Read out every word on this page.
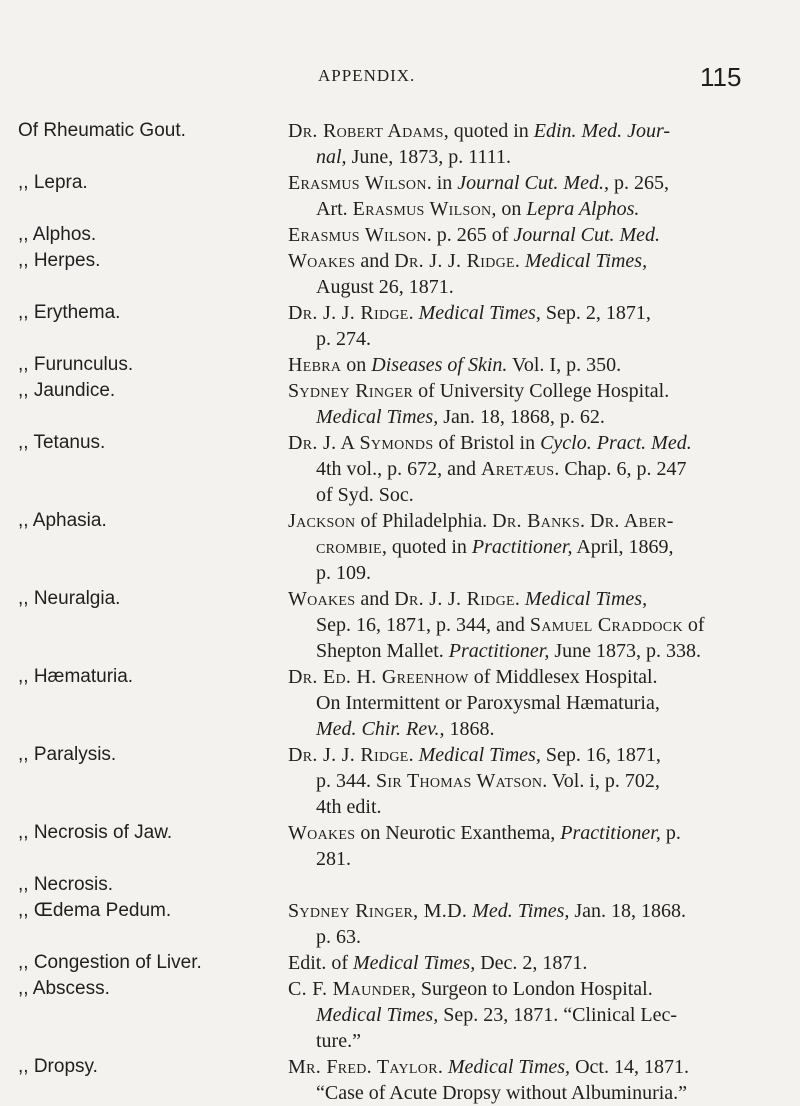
APPENDIX.	115
Of Rheumatic Gout.	Dr. Robert Adams, quoted in Edin. Med. Jour-
nal, June, 1873, p. 1111.
,, Lepra.	Erasmus Wilson. in Journal Cut. Med., p. 265,
Art. Erasmus Wilson, on Lepra Alphos.
,, Alphos.	Erasmus Wilson. p. 265 of Journal Cut. Med.
,, Herpes.	Woakes and Dr. J. J. Ridge. Medical Times,
August 26, 1871.
,, Erythema.	Dr. J. J. Ridge. Medical Times, Sep. 2, 1871,
p. 274.
,, Furunculus.	Hebra on Diseases of Skin. Vol. I, p. 350.
,, Jaundice.	Sydney Ringer of University College Hospital.
Medical Times, Jan. 18, 1868, p. 62.
,, Tetanus.	Dr. J. A Symonds of Bristol in Cyclo. Pract. Med.
4th vol., p. 672, and Aretæus. Chap. 6, p. 247
of Syd. Soc.
,, Aphasia.	Jackson of Philadelphia. Dr. Banks. Dr. Aber-
crombie, quoted in Practitioner, April, 1869,
p. 109.
,, Neuralgia.	Woakes and Dr. J. J. Ridge. Medical Times,
Sep. 16, 1871, p. 344, and Samuel Craddock of
Shepton Mallet. Practitioner, June 1873, p. 338.
,, Hæmaturia.	Dr. Ed. H. Greenhow of Middlesex Hospital.
On Intermittent or Paroxysmal Hæmaturia,
Med. Chir. Rev., 1868.
,, Paralysis.	Dr. J. J. Ridge. Medical Times, Sep. 16, 1871,
p. 344. Sir Thomas Watson. Vol. i, p. 702,
4th edit.
,, Necrosis of Jaw.	Woakes on Neurotic Exanthema, Practitioner, p.
281.
,, Necrosis.
,, Œdema Pedum.	Sydney Ringer, M.D. Med. Times, Jan. 18, 1868.
p. 63.
,, Congestion of Liver.	Edit. of Medical Times, Dec. 2, 1871.
,, Abscess.	C. F. Maunder, Surgeon to London Hospital.
Medical Times, Sep. 23, 1871. “Clinical Lec-
ture.”
,, Dropsy.	Mr. Fred. Taylor. Medical Times, Oct. 14, 1871.
“Case of Acute Dropsy without Albuminuria.”
